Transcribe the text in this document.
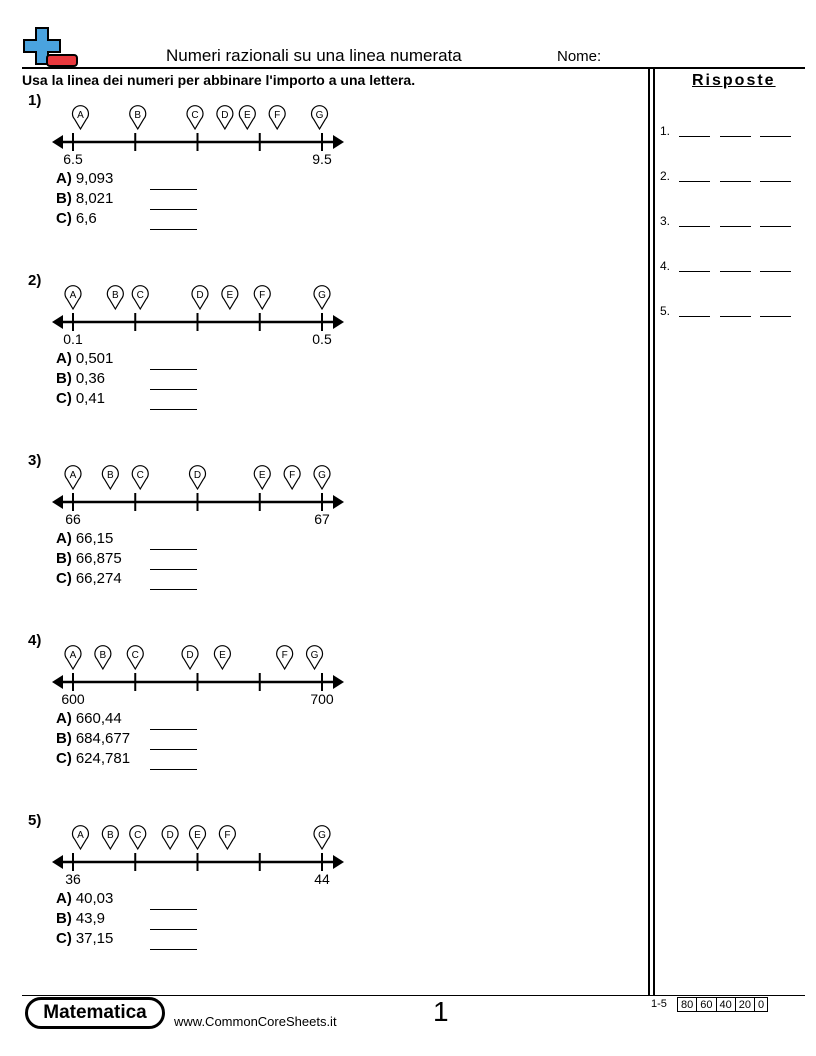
Numeri razionali su una linea numerata	Nome:
Usa la linea dei numeri per abbinare l'importo a una lettera.	Risposte
1.
2.
3.
4.
5.
1)
A	B	C D E F	G
6.5	9.5
A) 9,093
B) 8,021
C) 6,6
2)
A	B C	D E	F	G
0.1	0.5
A) 0,501
B) 0,36
C) 0,41
3)
A	B C	D	E F G
66	67
A) 66,15
B) 66,875
C) 66,274
4)
A B	C	D	E	F G
600	700
A) 660,44
B) 684,677
C) 624,781
5)
A B C	D E F	G
36	44
A) 40,03
B) 43,9
C) 37,15
Matematica	www.CommonCoreSheets.it	1	1-5 80	60	40	20	0
